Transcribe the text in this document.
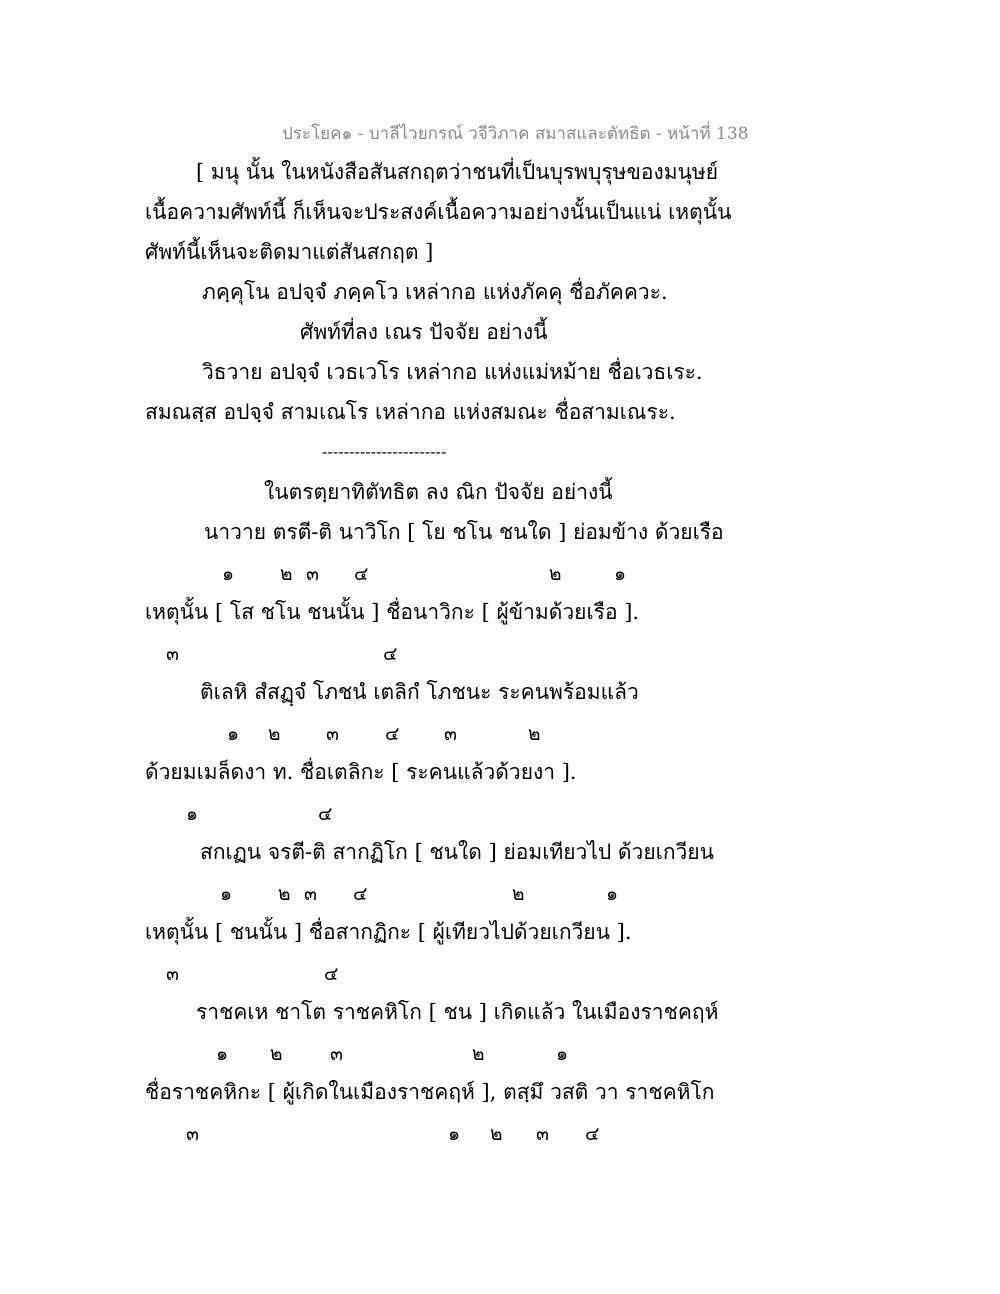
ประโยค๑ - บาลีไวยกรณ์ วจีวิภาค สมาสและตัทธิต - หน้าที่ 138
[ มนุ นั้น ในหนังสือสันสกฤตว่าชนที่เป็นบุรพบุรุษของมนุษย์
เนื้อความศัพท์นี้ ก็เห็นจะประสงค์เนื้อความอย่างนั้นเป็นแน่ เหตุนั้น
ศัพท์นี้เห็นจะติดมาแต่สันสกฤต ]
ภคฺคุโน อปจฺจํ ภคฺคโว เหล่ากอ แห่งภัคคุ ชื่อภัคควะ.
ศัพท์ที่ลง เณร ปัจจัย อย่างนี้
วิธวาย อปจฺจํ เวธเวโร เหล่ากอ แห่งแม่หม้าย ชื่อเวธเระ.
สมณสฺส อปจฺจํ สามเณโร เหล่ากอ แห่งสมณะ ชื่อสามเณระ.
-----------------------
ในตรตฺยาทิตัทธิต ลง ณิก ปัจจัย อย่างนี้
นาวาย ตรตี-ติ นาวิโก [ โย ชโน ชนใด ] ย่อมข้าง ด้วยเรือ
๑ ๒ ๓ ๔	๒	๑
เหตุนั้น [ โส ชโน ชนนั้น ] ชื่อนาวิกะ [ ผู้ข้ามด้วยเรือ ].
๓	๔
ติเลหิ สํสฏฺจํ โภชนํ เตลิกํ โภชนะ ระคนพร้อมแล้ว
๑ ๒ ๓ ๔ ๓	๒
ด้วยมเมล็ดงา ท. ชื่อเตลิกะ [ ระคนแล้วด้วยงา ].
๑	๔
สกเฏน จรตี-ติ สากฏิโก [ ชนใด ] ย่อมเทียวไป ด้วยเกวียน
๑ ๒ ๓ ๔	๒	๑
เหตุนั้น [ ชนนั้น ] ชื่อสากฏิกะ [ ผู้เทียวไปด้วยเกวียน ].
๓	๔
ราชคเห ชาโต ราชคหิโก [ ชน ] เกิดแล้ว ในเมืองราชคฤห์
๑ ๒ ๓	๒	๑
ชื่อราชคหิกะ [ ผู้เกิดในเมืองราชคฤห์ ], ตสฺมึ วสติ วา ราชคหิโก
๓	๑ ๒ ๓ ๔
